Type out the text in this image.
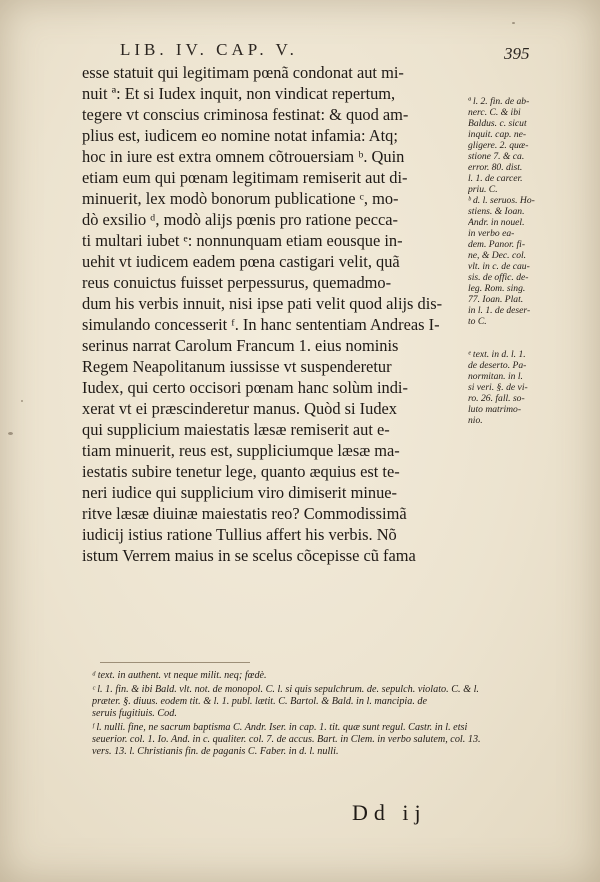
LIB. IV. CAP. V.	395
esse statuit qui legitimam pœnã condonat aut mi-
nuit ª: Et si Iudex inquit, non vindicat repertum,
tegere vt conscius criminosa festinat: & quod am-
plius est, iudicem eo nomine notat infamia: Atq;
hoc in iure est extra omnem cõtrouersiam ᵇ. Quin
etiam eum qui pœnam legitimam remiserit aut di-
minuerit, lex modò bonorum publicatione ᶜ, mo-
dò exsilio ᵈ, modò alijs pœnis pro ratione pecca-
ti multari iubet ᵉ: nonnunquam etiam eousque in-
uehit vt iudicem eadem pœna castigari velit, quã
reus conuictus fuisset perpessurus, quemadmo-
dum his verbis innuit, nisi ipse pati velit quod alijs dis-
simulando concesserit ᶠ. In hanc sententiam Andreas I-
serinus narrat Carolum Francum 1. eius nominis
Regem Neapolitanum iussisse vt suspenderetur
Iudex, qui certo occisori pœnam hanc solùm indi-
xerat vt ei præscinderetur manus. Quòd si Iudex
qui supplicium maiestatis læsæ remiserit aut e-
tiam minuerit, reus est, suppliciumque læsæ ma-
iestatis subire tenetur lege, quanto æquius est te-
neri iudice qui supplicium viro dimiserit minue-
ritve læsæ diuinæ maiestatis reo? Commodissimã
iudicij istius ratione Tullius affert his verbis. Nõ
istum Verrem maius in se scelus cõcepisse cũ fama
ª l. 2. fin. de ab-
nerc. C. & ibi
Baldus. c. sicut
inquit. cap. ne-
gligere. 2. quæ-
stione 7. & ca.
error. 80. dist.
l. 1. de carcer.
priu. C.
ᵇ d. l. seruos. Ho-
stiens. & Ioan.
Andr. in nouel.
in verbo ea-
dem. Panor. fi-
ne, & Dec. col.
vlt. in c. de cau-
sis. de offic. de-
leg. Rom. sing.
77. Ioan. Plat.
in l. 1. de deser-
to C.
ᵉ text. in d. l. 1.
de deserto. Pa-
normitan. in l.
si veri. §. de vi-
ro. 26. fall. so-
luto matrimo-
nio.
ᵈ text. in authent. vt neque milit. neq; fœdè.
ᶜ l. 1. fin. & ibi Bald. vlt. not. de monopol. C. l. si quis sepulchrum. de. sepulch. violato. C. & l.
præter. §. diuus. eodem tit. & l. 1. publ. lætit. C. Bartol. & Bald. in l. mancipia. de
seruis fugitiuis. Cod.
ᶠ l. nulli. fine, ne sacrum baptisma C. Andr. Iser. in cap. 1. tit. quæ sunt regul. Castr. in l. etsi
seuerior. col. 1. Io. And. in c. qualiter. col. 7. de accus. Bart. in Clem. in verbo salutem, col. 13.
vers. 13. l. Christianis fin. de paganis C. Faber. in d. l. nulli.
Dd ij
